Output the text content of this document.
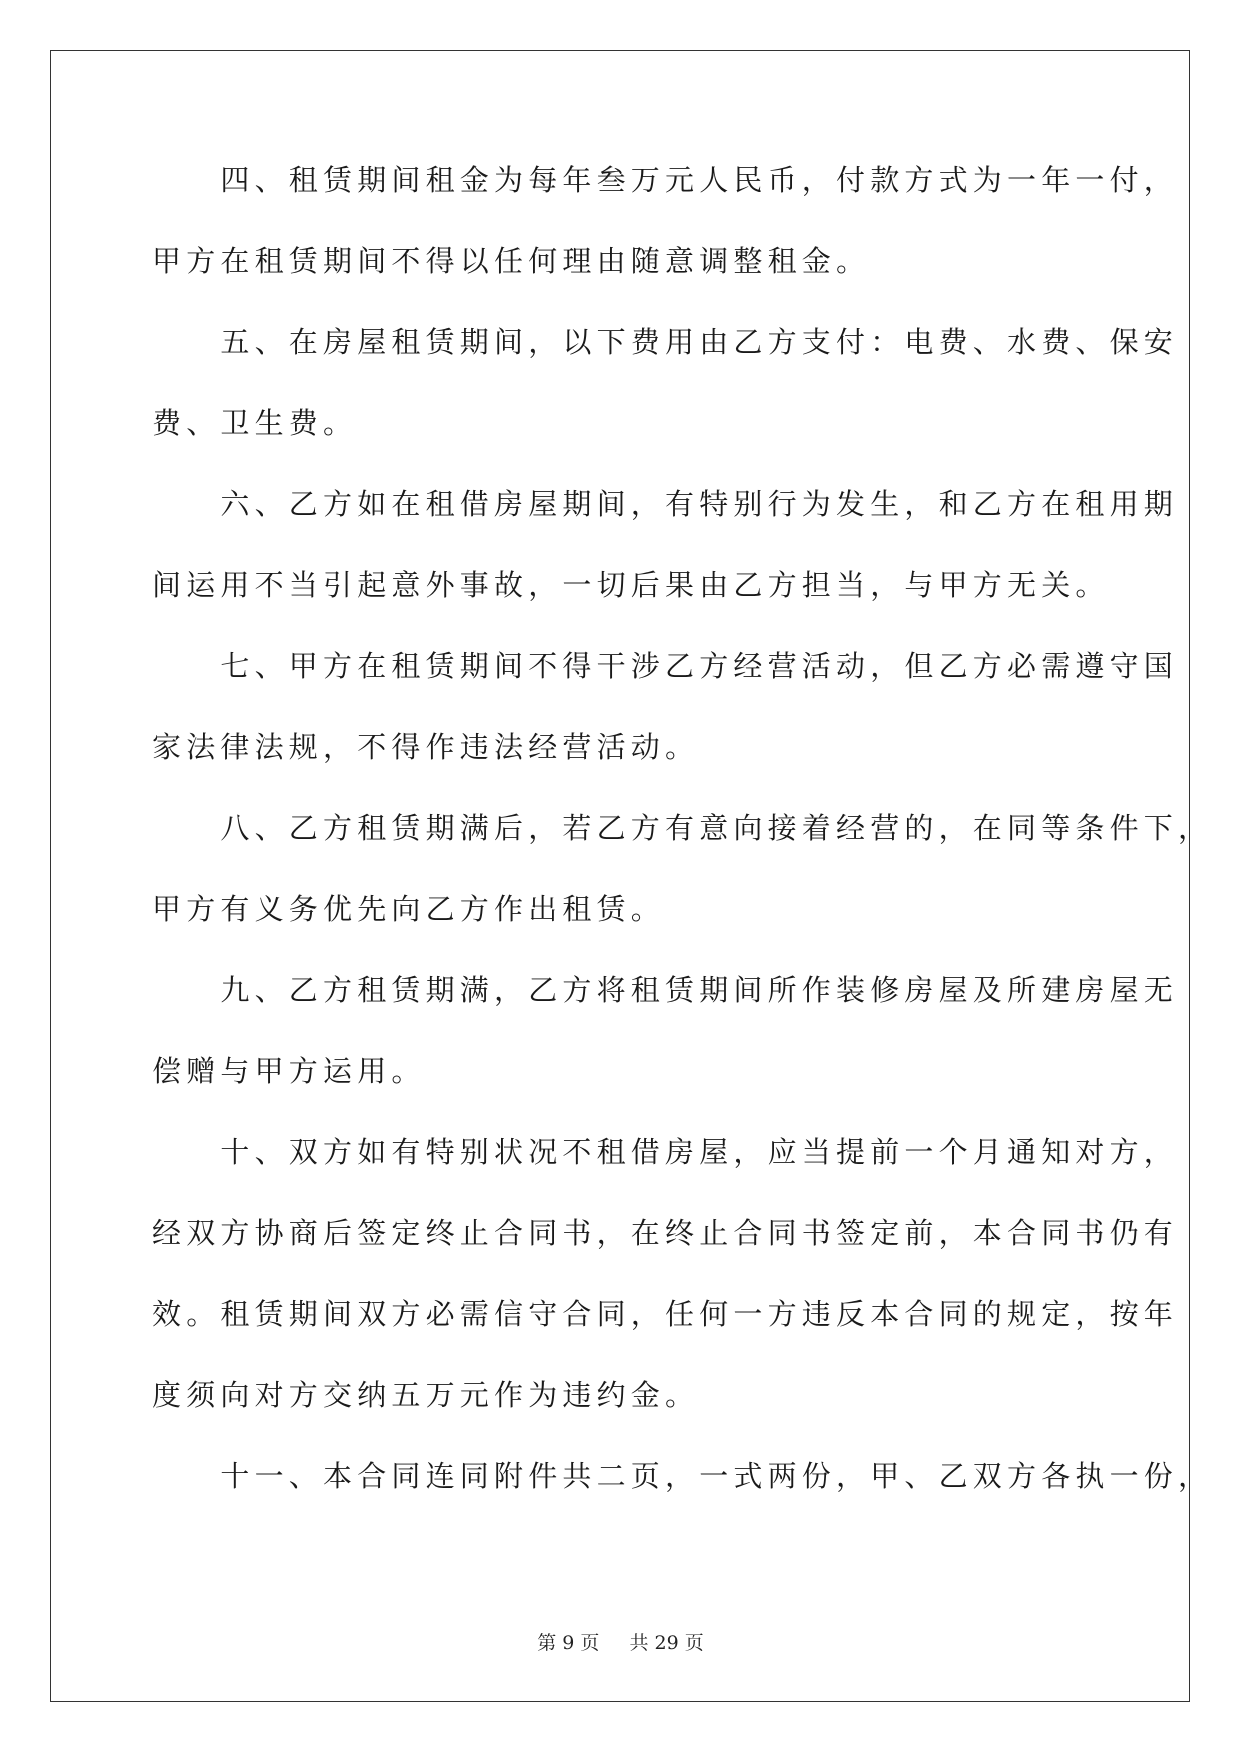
　　四、租赁期间租金为每年叁万元人民币，付款方式为一年一付，
甲方在租赁期间不得以任何理由随意调整租金。
　　五、在房屋租赁期间，以下费用由乙方支付：电费、水费、保安
费、卫生费。
　　六、乙方如在租借房屋期间，有特别行为发生，和乙方在租用期
间运用不当引起意外事故，一切后果由乙方担当，与甲方无关。
　　七、甲方在租赁期间不得干涉乙方经营活动，但乙方必需遵守国
家法律法规，不得作违法经营活动。
　　八、乙方租赁期满后，若乙方有意向接着经营的，在同等条件下，
甲方有义务优先向乙方作出租赁。
　　九、乙方租赁期满，乙方将租赁期间所作装修房屋及所建房屋无
偿赠与甲方运用。
　　十、双方如有特别状况不租借房屋，应当提前一个月通知对方，
经双方协商后签定终止合同书，在终止合同书签定前，本合同书仍有
效。租赁期间双方必需信守合同，任何一方违反本合同的规定，按年
度须向对方交纳五万元作为违约金。
　　十一、本合同连同附件共二页，一式两份，甲、乙双方各执一份，
第 9 页 共 29 页
